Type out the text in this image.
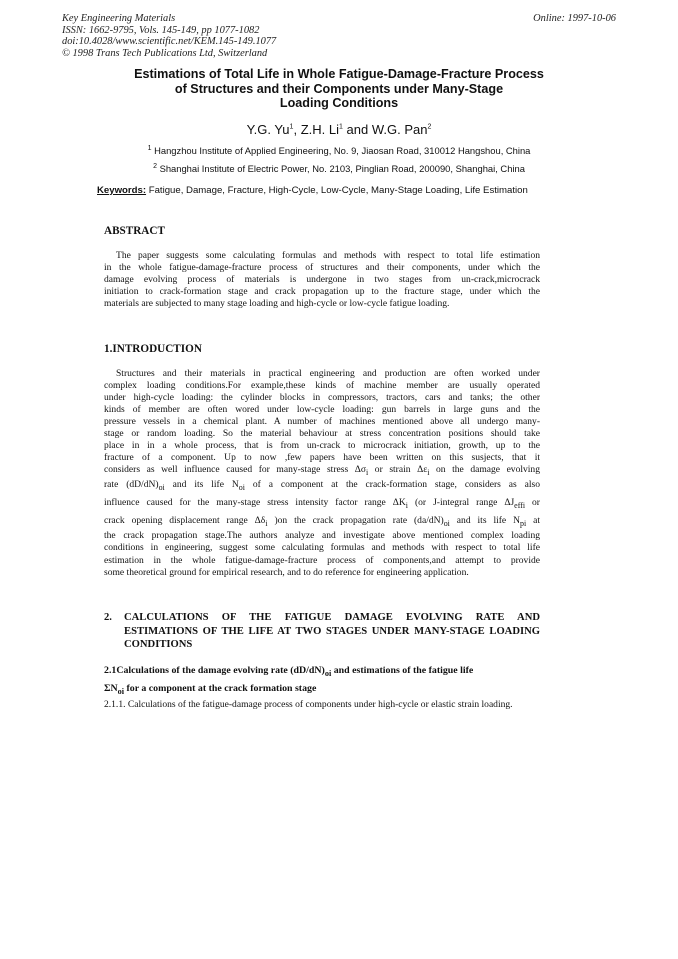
Key Engineering Materials
ISSN: 1662-9795, Vols. 145-149, pp 1077-1082
doi:10.4028/www.scientific.net/KEM.145-149.1077
© 1998 Trans Tech Publications Ltd, Switzerland
Online: 1997-10-06
Estimations of Total Life in Whole Fatigue-Damage-Fracture Process
of Structures and their Components under Many-Stage
Loading Conditions
Y.G. Yu$^1$, Z.H. Li$^1$ and W.G. Pan$^2$
$^1$ Hangzhou Institute of Applied Engineering, No. 9, Jiaosan Road, 310012 Hangshou, China
$^2$ Shanghai Institute of Electric Power, No. 2103, Pinglian Road, 200090, Shanghai, China
Keywords: Fatigue, Damage, Fracture, High-Cycle, Low-Cycle, Many-Stage Loading, Life Estimation
ABSTRACT
The paper suggests some calculating formulas and methods with respect to total life estimation
in the whole fatigue-damage-fracture process of structures and their components, under which the
damage evolving process of materials is undergone in two stages from un-crack,microcrack
initiation to crack-formation stage and crack propagation up to the fracture stage, under which the
materials are subjected to many stage loading and high-cycle or low-cycle fatigue loading.
1.INTRODUCTION
Structures and their materials in practical engineering and production are often worked under
complex loading conditions.For example,these kinds of machine member are usually operated
under high-cycle loading: the cylinder blocks in compressors, tractors, cars and tanks; the other
kinds of member are often wored under low-cycle loading: gun barrels in large guns and the
pressure vessels in a chemical plant. A number of machines mentioned above all undergo many-
stage or random loading. So the material behaviour at stress concentration positions should take
place in in a whole process, that is from un-crack to microcrack initiation, growth, up to the
fracture of a component. Up to now ,few papers have been written on this susjects, that it
considers as well influence caused for many-stage stress $\Delta\sigma_i$ or strain $\Delta\varepsilon_i$ on the damage evolving
rate $(dD/dN)_{oi}$ and its life $N_{oi}$ of a component at the crack-formation stage, considers as also
influence caused for the many-stage stress intensity factor range $\Delta K_i$ (or J-integral range $\Delta J_{effi}$ or
crack opening displacement range $\Delta\delta_i$ )on the crack propagation rate $(da/dN)_{oi}$ and its life $N_{pi}$ at
the crack propagation stage.The authors analyze and investigate above mentioned complex loading
conditions in engineering, suggest some calculating formulas and methods with respect to total life
estimation in the whole fatigue-damage-fracture process of components,and attempt to provide
some theoretical ground for empirical research, and to do reference for engineering application.
2. CALCULATIONS OF THE FATIGUE DAMAGE EVOLVING RATE AND ESTIMATIONS OF THE LIFE AT TWO STAGES UNDER MANY-STAGE LOADING CONDITIONS
2.1Calculations of the damage evolving rate $(dD/dN)_{oi}$ and estimations of the fatigue life
$\Sigma N_{oi}$ for a component at the crack formation stage
2.1.1. Calculations of the fatigue-damage process of components under high-cycle or elastic strain loading.
